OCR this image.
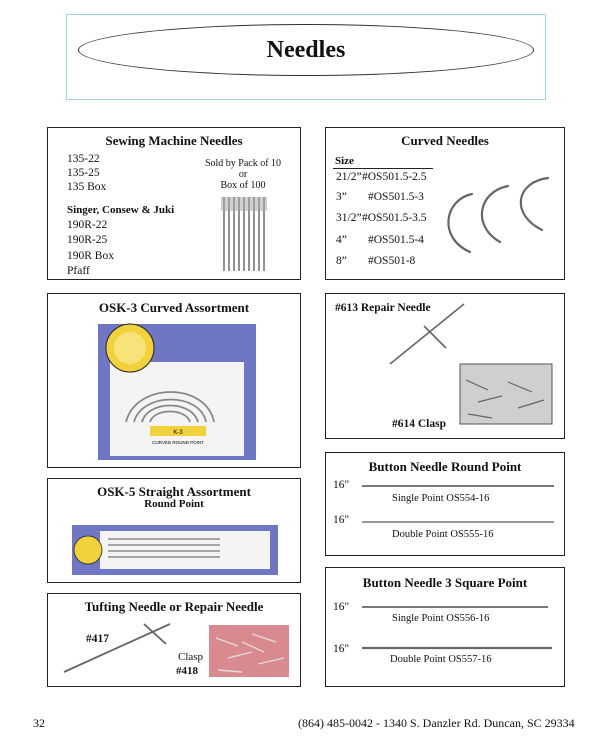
Needles
Sewing Machine Needles
135-22
135-25
135 Box
Singer, Consew & Juki
190R-22
190R-25
190R Box
Pfaff
Sold by Pack of 10
or
Box of 100
Curved Needles
Size
21/2” #OS501.5-2.5
3” #OS501.5-3
31/2” #OS501.5-3.5
4” #OS501.5-4
8” #OS501-8
OSK-3 Curved Assortment
K-3
CURVED ROUND POINT
#613 Repair Needle
#614 Clasp
Button Needle Round Point
16"
Single Point OS554-16
16"
Double Point OS555-16
OSK-5 Straight Assortment
Round Point
Button Needle 3 Square Point
16"
Single Point OS556-16
16"
Double Point OS557-16
Tufting Needle or Repair Needle
#417
Clasp
#418
32	(864) 485-0042 - 1340 S. Danzler Rd. Duncan, SC 29334
